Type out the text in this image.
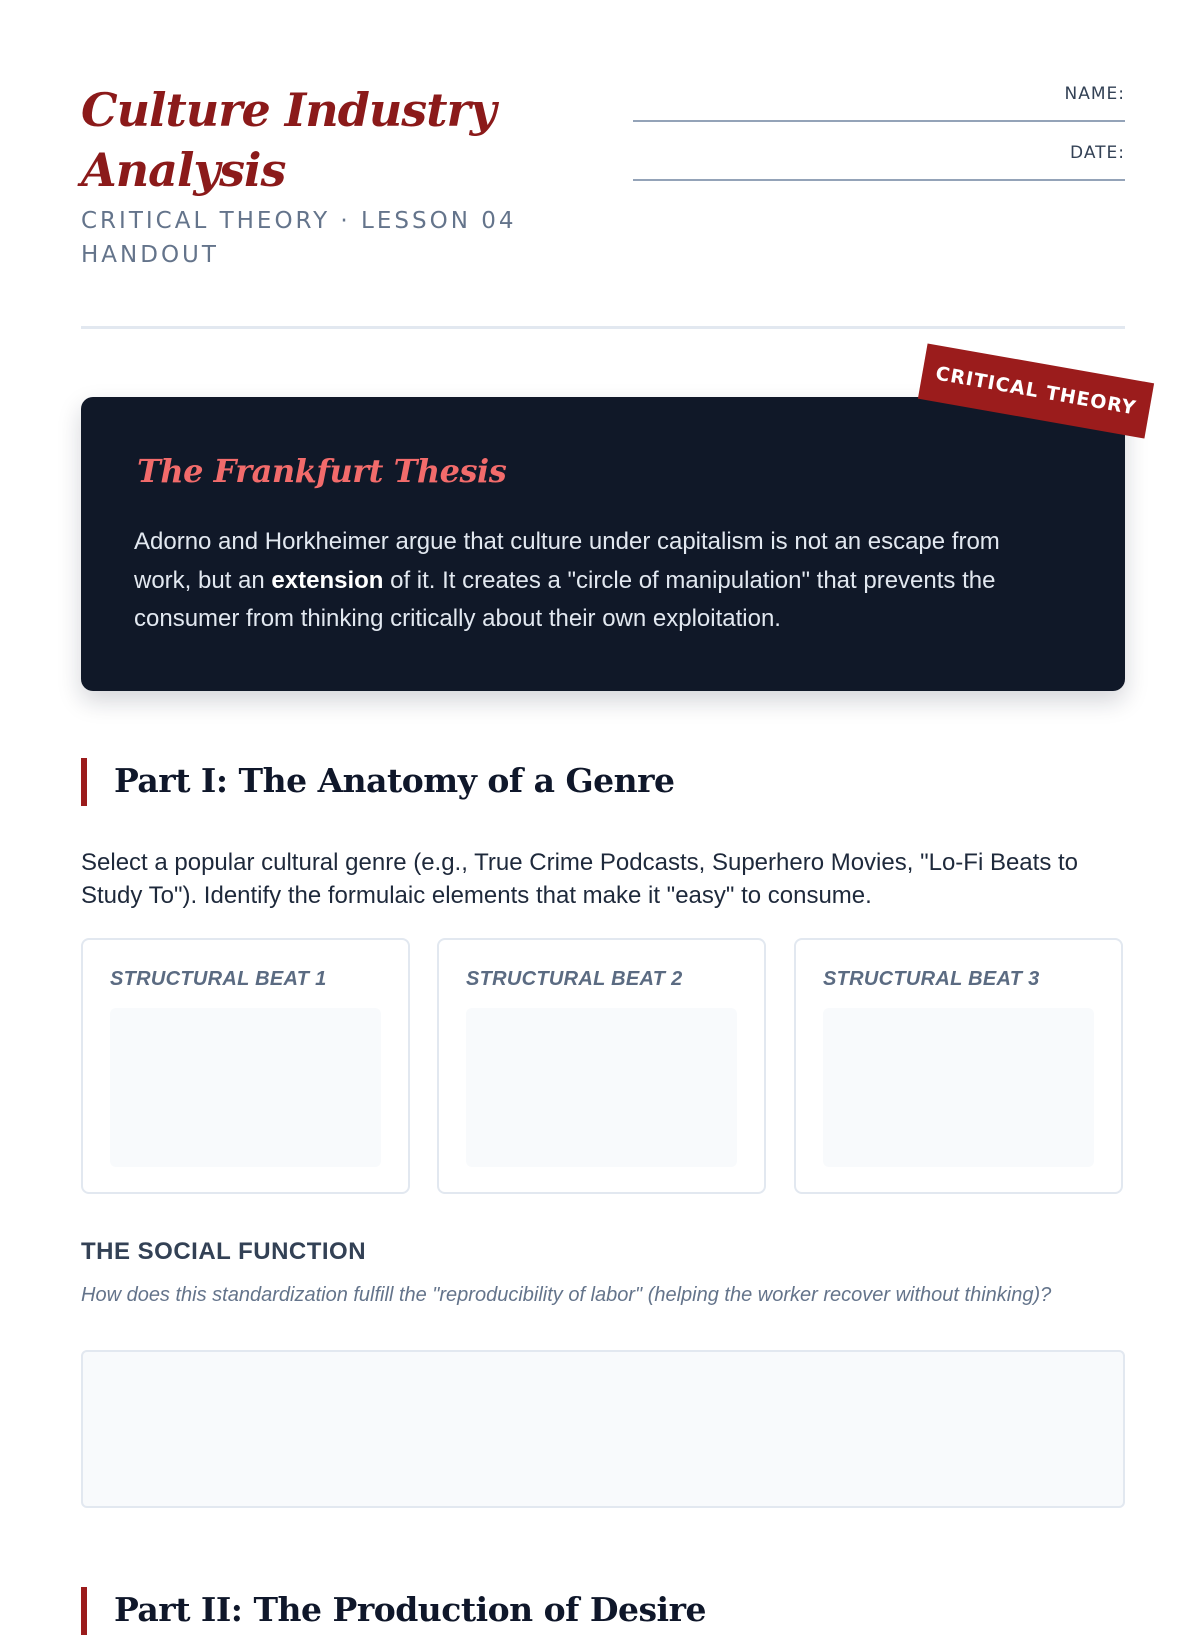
Culture Industry Analysis
CRITICAL THEORY · LESSON 04 HANDOUT
NAME:
DATE:
The Frankfurt Thesis

Adorno and Horkheimer argue that culture under capitalism is not an escape from work, but an extension of it. It creates a "circle of manipulation" that prevents the consumer from thinking critically about their own exploitation.

CRITICAL THEORY
Part I: The Anatomy of a Genre

Select a popular cultural genre (e.g., True Crime Podcasts, Superhero Movies, "Lo-Fi Beats to Study To"). Identify the formulaic elements that make it "easy" to consume.

STRUCTURAL BEAT 1	STRUCTURAL BEAT 2	STRUCTURAL BEAT 3
THE SOCIAL FUNCTION

How does this standardization fulfill the "reproducibility of labor" (helping the worker recover without thinking)?

Part II: The Production of Desire
